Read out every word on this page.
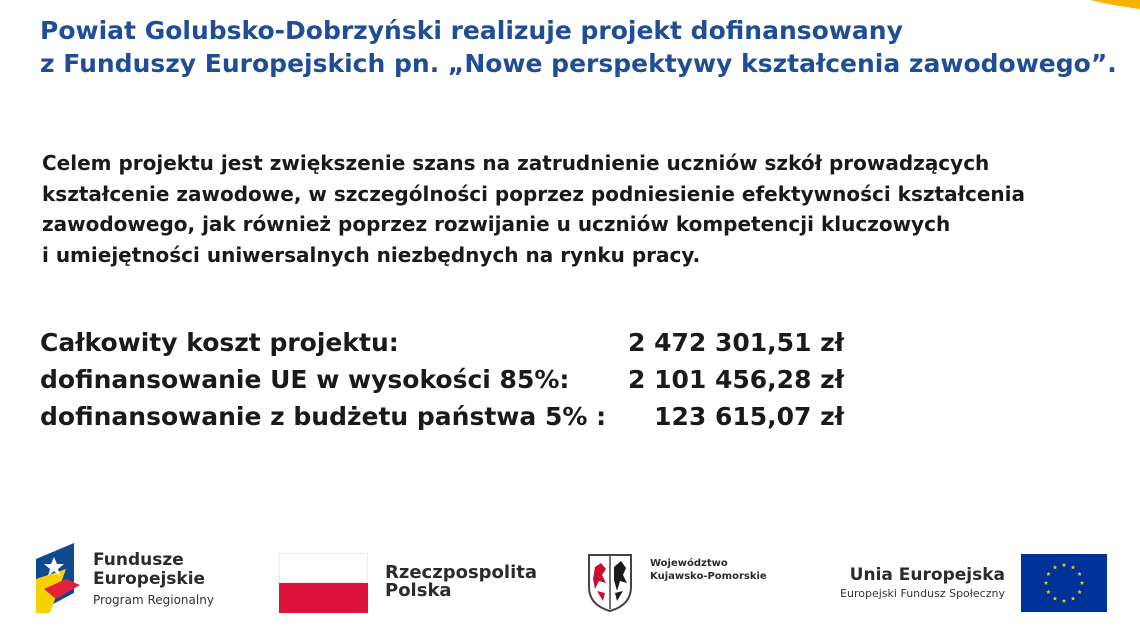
Powiat Golubsko-Dobrzyński realizuje projekt dofinansowany
z Funduszy Europejskich pn. „Nowe perspektywy kształcenia zawodowego”.

Celem projektu jest zwiększenie szans na zatrudnienie uczniów szkół prowadzących
kształcenie zawodowe, w szczególności poprzez podniesienie efektywności kształcenia
zawodowego, jak również poprzez rozwijanie u uczniów kompetencji kluczowych
i umiejętności uniwersalnych niezbędnych na rynku pracy.

Całkowity koszt projektu:	2 472 301,51 zł
dofinansowanie UE w wysokości 85%: 2 101 456,28 zł
dofinansowanie z budżetu państwa 5% : 123 615,07 zł
Fundusze
Europejskie
Program Regionalny
Rzeczpospolita
Polska
Województwo
Kujawsko-Pomorskie	Unia Europejska
Europejski Fundusz Społeczny
